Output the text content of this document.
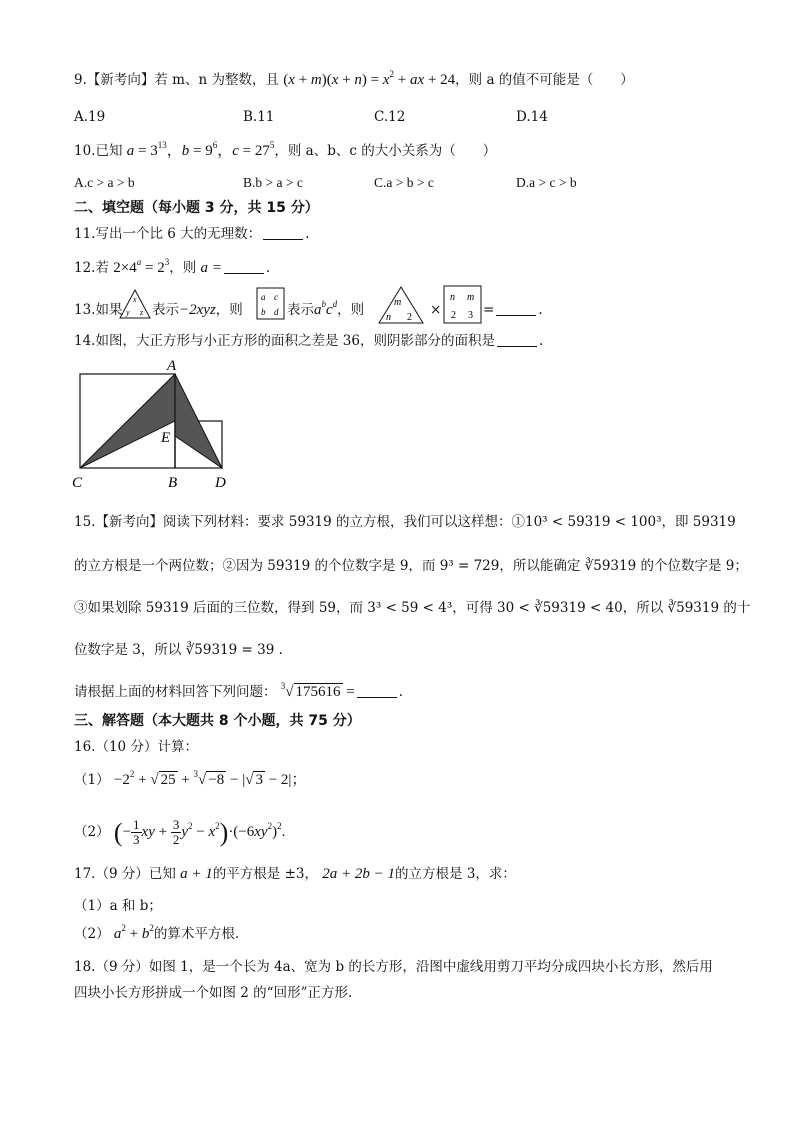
9.【新考向】若 m、n 为整数，且 $(x + m)(x + n) = x^2$ + ax + 24，则 a 的值不可能是（　　）
A.19	B.11	C.12	D.14
10.已知 $a = 3^{13}$，$b = 9^6$，$c = 27^5$，则 a、b、c 的大小关系为（　　）
A.c > a > b	B.b > a > c	C.a > b > c	D.a > c > b
二、填空题（每小题 3 分，共 15 分）
11.写出一个比 6 大的无理数：	.
12.若 $2\times 4^a = 2^3$，则 a =	.
13.如果
x
y z 表示−2xyz，则
a c
b d 表示$a^bc^d$，则	m
n 2 ×
n m
2 3 =	.
14.如图，大正方形与小正方形的面积之差是 36，则阴影部分的面积是	.
A
E
C	B	D
15.【新考向】阅读下列材料：要求 59319 的立方根，我们可以这样想：①10³ < 59319 < 100³，即 59319
的立方根是一个两位数；②因为 59319 的个位数字是 9，而 9³ = 729，所以能确定 ∛59319 的个位数字是 9；
③如果划除 59319 后面的三位数，得到 59，而 3³ < 59 < 4³，可得 30 < ∛59319 < 40，所以 ∛59319 的十
位数字是 3，所以 ∛59319 = 39 .
请根据上面的材料回答下列问题： $^3$√ 175616 =	.
三、解答题（本大题共 8 个小题，共 75 分）
16.（10 分）计算：
$(1) -2^2$ + √ 25 + $^3$√ −8 − |√ 3 − 2|；
（2） (− $\frac{1}{3}$ xy + $\frac{3}{2} y^2 - x^2)\cdot(-6xy^2)^2$.
17.（9 分）已知 a + 1的平方根是 ±3， 2a + 2b − 1的立方根是 3，求：
（1）a 和 b；
（2） $a^2 + b^2$的算术平方根.
18.（9 分）如图 1，是一个长为 4a、宽为 b 的长方形，沿图中虚线用剪刀平均分成四块小长方形，然后用
四块小长方形拼成一个如图 2 的“回形”正方形.
